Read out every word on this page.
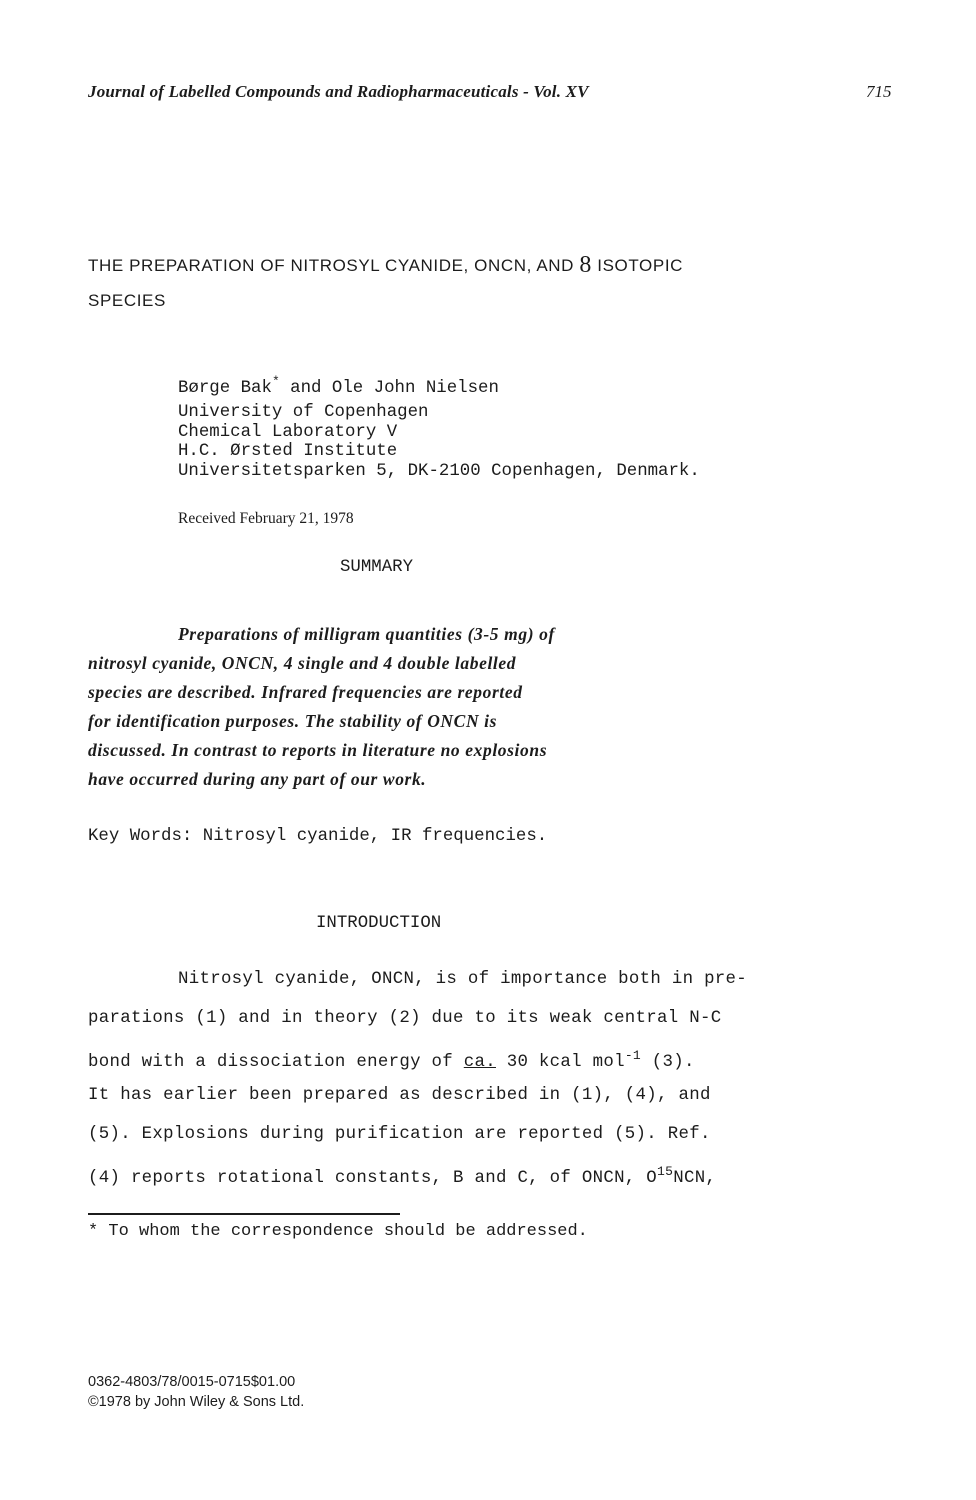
Journal of Labelled Compounds and Radiopharmaceuticals - Vol. XV	715
THE PREPARATION OF NITROSYL CYANIDE, ONCN, AND 8 ISOTOPIC
SPECIES
Børge Bak* and Ole John Nielsen
University of Copenhagen
Chemical Laboratory V
H.C. Ørsted Institute
Universitetsparken 5, DK-2100 Copenhagen, Denmark.
Received February 21, 1978
SUMMARY
Preparations of milligram quantities (3-5 mg) of
nitrosyl cyanide, ONCN, 4 single and 4 double labelled
species are described. Infrared frequencies are reported
for identification purposes. The stability of ONCN is
discussed. In contrast to reports in literature no explosions
have occurred during any part of our work.
Key Words: Nitrosyl cyanide, IR frequencies.
INTRODUCTION
Nitrosyl cyanide, ONCN, is of importance both in pre-
parations (1) and in theory (2) due to its weak central N-C
bond with a dissociation energy of ca. 30 kcal mol$^{-1}$ (3).
It has earlier been prepared as described in (1), (4), and
(5). Explosions during purification are reported (5). Ref.
(4) reports rotational constants, B and C, of ONCN, $O^{15}NCN$,
* To whom the correspondence should be addressed.
0362-4803/78/0015-0715$01.00
©1978 by John Wiley & Sons Ltd.
